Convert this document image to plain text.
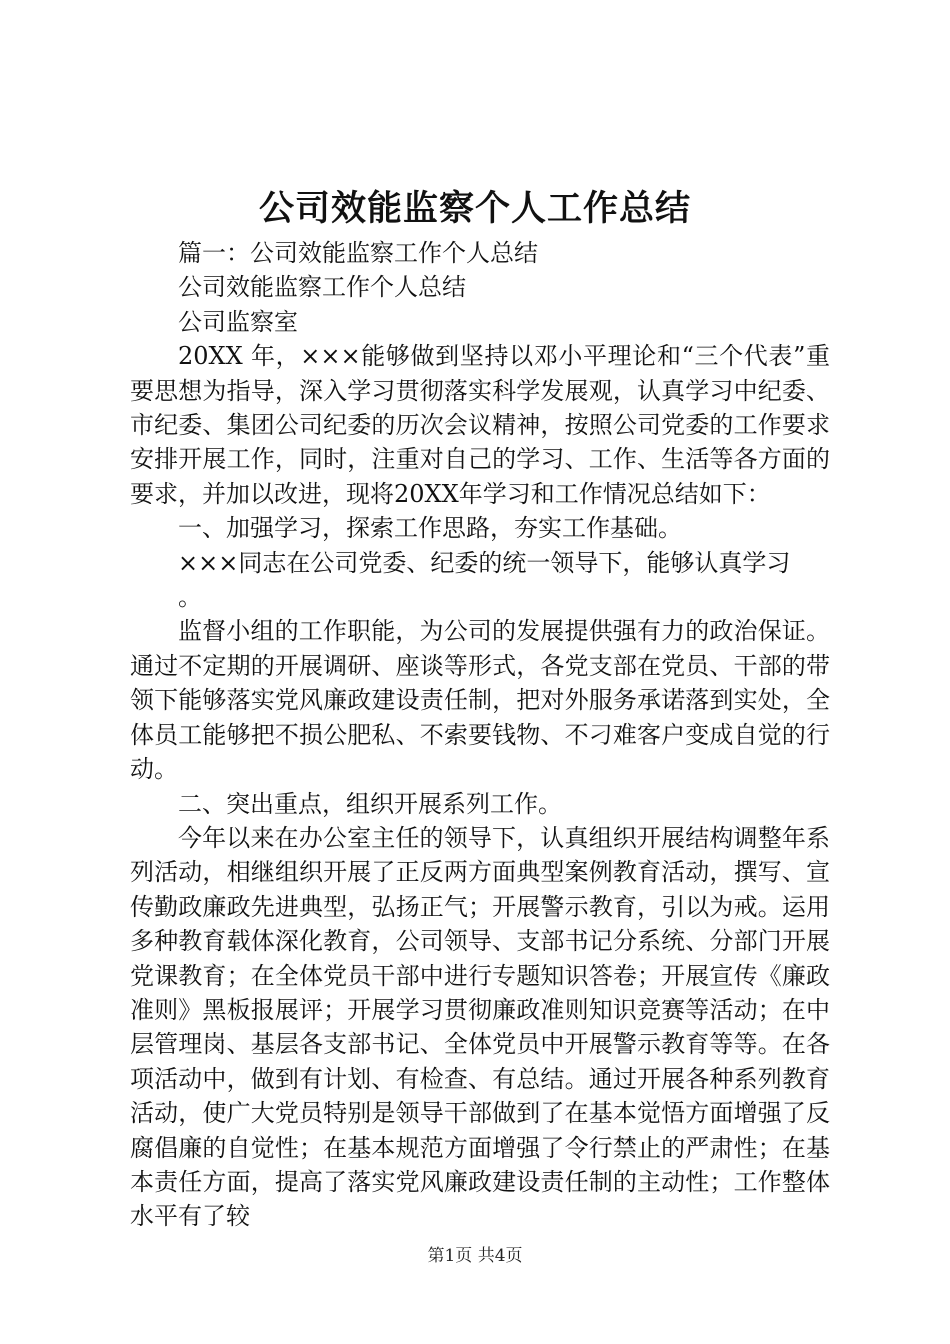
公司效能监察个人工作总结

篇一：公司效能监察工作个人总结

公司效能监察工作个人总结

公司监察室

20XX 年，×××能够做到坚持以邓小平理论和“三个代表”重要思想为指导，深入学习贯彻落实科学发展观，认真学习中纪委、市纪委、集团公司纪委的历次会议精神，按照公司党委的工作要求安排开展工作，同时，注重对自己的学习、工作、生活等各方面的要求，并加以改进，现将20XX年学习和工作情况总结如下：

一、加强学习，探索工作思路，夯实工作基础。

×××同志在公司党委、纪委的统一领导下，能够认真学习

。

监督小组的工作职能，为公司的发展提供强有力的政治保证。通过不定期的开展调研、座谈等形式，各党支部在党员、干部的带领下能够落实党风廉政建设责任制，把对外服务承诺落到实处，全体员工能够把不损公肥私、不索要钱物、不刁难客户变成自觉的行动。

二、突出重点，组织开展系列工作。

今年以来在办公室主任的领导下，认真组织开展结构调整年系列活动，相继组织开展了正反两方面典型案例教育活动，撰写、宣传勤政廉政先进典型，弘扬正气；开展警示教育，引以为戒。运用多种教育载体深化教育，公司领导、支部书记分系统、分部门开展党课教育；在全体党员干部中进行专题知识答卷；开展宣传《廉政准则》黑板报展评；开展学习贯彻廉政准则知识竞赛等活动；在中层管理岗、基层各支部书记、全体党员中开展警示教育等等。在各项活动中，做到有计划、有检查、有总结。通过开展各种系列教育活动，使广大党员特别是领导干部做到了在基本觉悟方面增强了反腐倡廉的自觉性；在基本规范方面增强了令行禁止的严肃性；在基本责任方面，提高了落实党风廉政建设责任制的主动性；工作整体水平有了较

第1页 共4页
